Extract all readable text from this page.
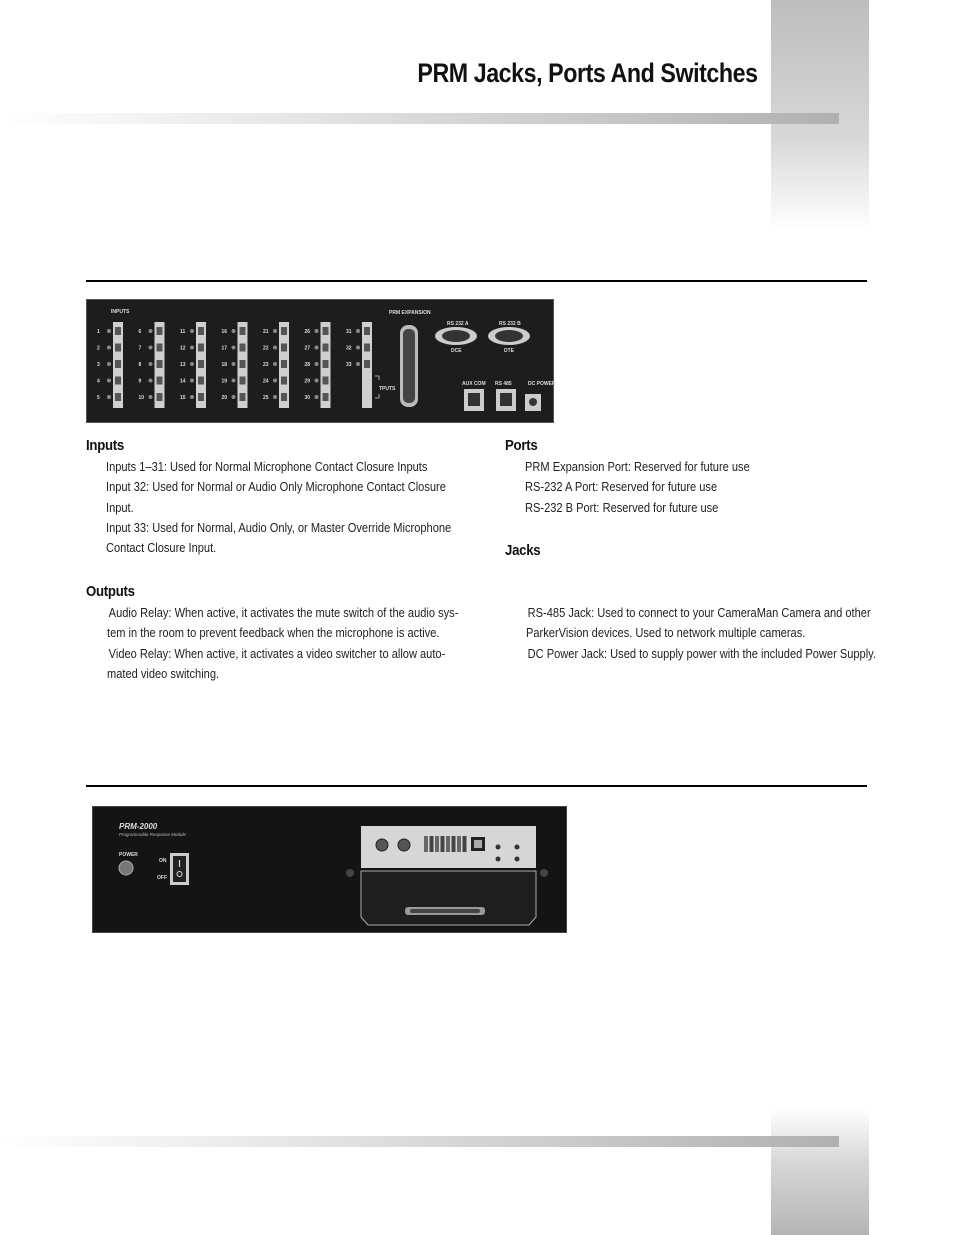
PRM Jacks, Ports And Switches
INPUTS
1
2
3
4
5
6
7
8
9
10
11
12
13
14
15
16
17
18
19
20
21
22
23
24
25
26
27
28
29
30
31
32
33
PRM EXPANSION
RS 232 A
DCE
RS 232 B
DTE
AUX COM RS 485	DC POWER
TPUTS
Inputs
Inputs 1–31: Used for Normal Microphone Contact Closure Inputs
Input 32: Used for Normal or Audio Only Microphone Contact Closure
Input.
Input 33: Used for Normal, Audio Only, or Master Override Microphone
Contact Closure Input.
Outputs
Audio Relay: When active, it activates the mute switch of the audio sys-
tem in the room to prevent feedback when the microphone is active.
Video Relay: When active, it activates a video switcher to allow auto-
mated video switching.
Ports
PRM Expansion Port: Reserved for future use
RS-232 A Port: Reserved for future use
RS-232 B Port: Reserved for future use
Jacks
RS-485 Jack: Used to connect to your CameraMan Camera and other
ParkerVision devices. Used to network multiple cameras.
DC Power Jack: Used to supply power with the included Power Supply.
PRM-2000
Programmable Response Module
POWER
ON
OFF
